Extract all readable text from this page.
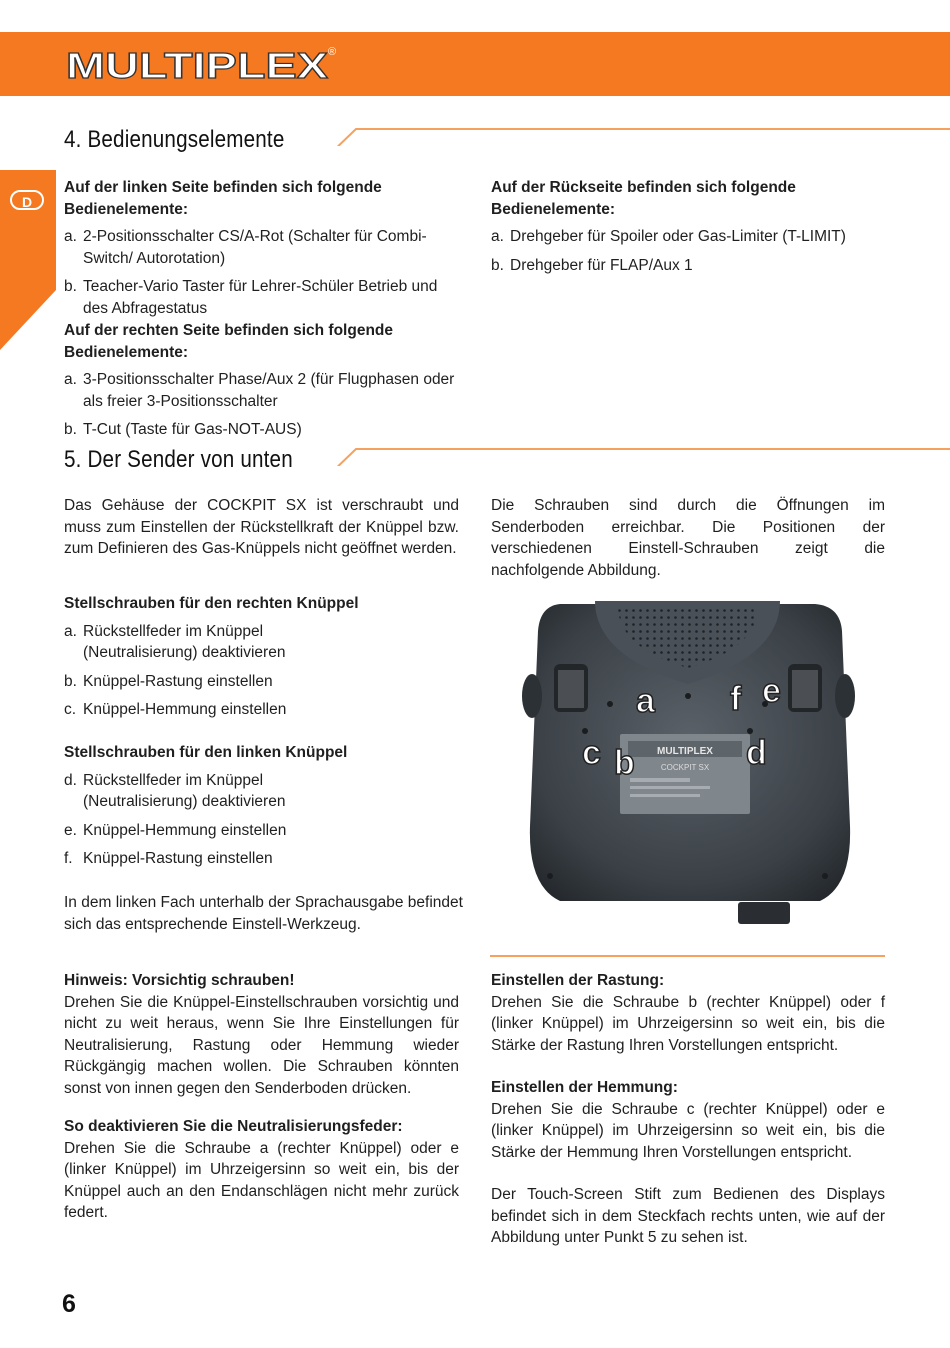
MULTIPLEX ®
D
4. Bedienungselemente
Auf der linken Seite befinden sich folgende Bedienelemente:
a. 2-Positionsschalter CS/A-Rot (Schalter für Combi-Switch/ Autorotation)
b. Teacher-Vario Taster für Lehrer-Schüler Betrieb und des Abfragestatus
Auf der Rückseite befinden sich folgende Bedienelemente:
a. Drehgeber für Spoiler oder Gas-Limiter (T-LIMIT)
b. Drehgeber für FLAP/Aux 1
Auf der rechten Seite befinden sich folgende Bedienelemente:
a. 3-Positionsschalter Phase/Aux 2 (für Flugphasen oder als freier 3-Positionsschalter
b. T-Cut (Taste für Gas-NOT-AUS)
5. Der Sender von unten
Das Gehäuse der COCKPIT SX ist verschraubt und muss zum Einstellen der Rückstellkraft der Knüppel bzw. zum Definieren des Gas-Knüppels nicht geöffnet werden.
Die Schrauben sind durch die Öffnungen im Senderboden erreichbar. Die Positionen der verschiedenen Einstell-Schrauben zeigt die nachfolgende Abbildung.
Stellschrauben für den rechten Knüppel
a. Rückstellfeder im Knüppel (Neutralisierung) deaktivieren
b. Knüppel-Rastung einstellen
c. Knüppel-Hemmung einstellen
Stellschrauben für den linken Knüppel
d. Rückstellfeder im Knüppel (Neutralisierung) deaktivieren
e. Knüppel-Hemmung einstellen
f. Knüppel-Rastung einstellen
In dem linken Fach unterhalb der Sprachausgabe befindet sich das entsprechende Einstell-Werkzeug.
MULTIPLEX
COCKPIT SX
a
b
c	d
e
f
Hinweis: Vorsichtig schrauben!
Drehen Sie die Knüppel-Einstellschrauben vorsichtig und nicht zu weit heraus, wenn Sie Ihre Einstellungen für Neutralisierung, Rastung oder Hemmung wieder Rückgängig machen wollen. Die Schrauben könnten sonst von innen gegen den Senderboden drücken.
So deaktivieren Sie die Neutralisierungsfeder:
Drehen Sie die Schraube a (rechter Knüppel) oder e (linker Knüppel) im Uhrzeigersinn so weit ein, bis der Knüppel auch an den Endanschlägen nicht mehr zurück federt.
Einstellen der Rastung:
Drehen Sie die Schraube b (rechter Knüppel) oder f (linker Knüppel) im Uhrzeigersinn so weit ein, bis die Stärke der Rastung Ihren Vorstellungen entspricht.
Einstellen der Hemmung:
Drehen Sie die Schraube c (rechter Knüppel) oder e (linker Knüppel) im Uhrzeigersinn so weit ein, bis die Stärke der Hemmung Ihren Vorstellungen entspricht.
Der Touch-Screen Stift zum Bedienen des Displays befindet sich in dem Steckfach rechts unten, wie auf der Abbildung unter Punkt 5 zu sehen ist.
6
